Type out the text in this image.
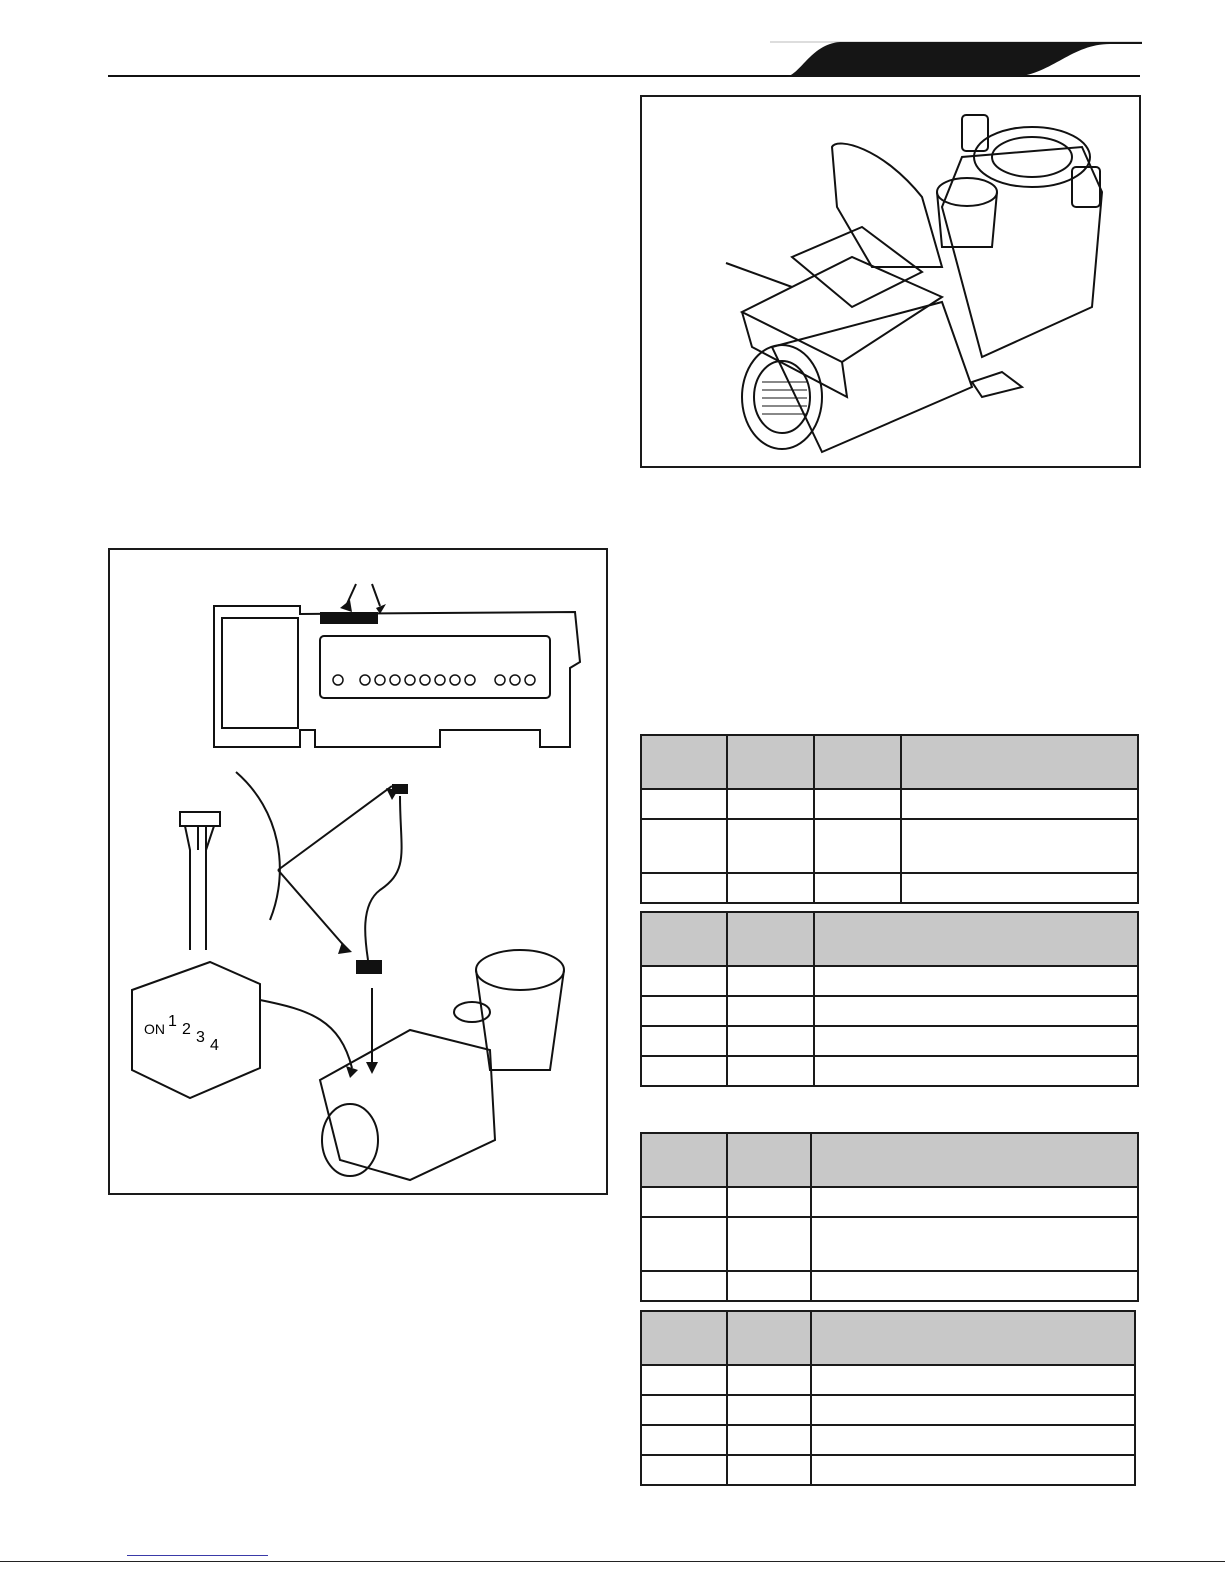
ON 1 2 3 4
